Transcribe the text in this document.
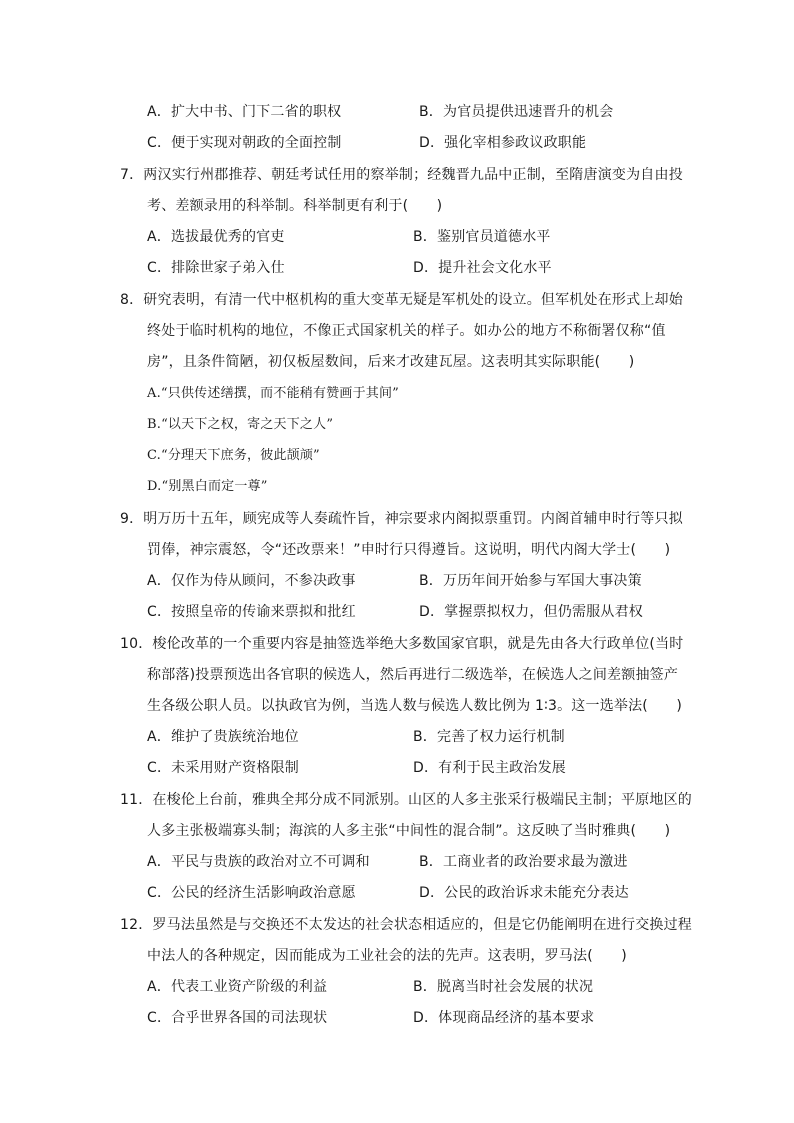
A．扩大中书、门下二省的职权	B．为官员提供迅速晋升的机会
C．便于实现对朝政的全面控制	D．强化宰相参政议政职能
7．两汉实行州郡推荐、朝廷考试任用的察举制；经魏晋九品中正制，至隋唐演变为自由投
考、差额录用的科举制。科举制更有利于(　　)
A．选拔最优秀的官吏	B．鉴别官员道德水平
C．排除世家子弟入仕	D．提升社会文化水平
8．研究表明，有清一代中枢机构的重大变革无疑是军机处的设立。但军机处在形式上却始
终处于临时机构的地位，不像正式国家机关的样子。如办公的地方不称衙署仅称“值
房”，且条件简陋，初仅板屋数间，后来才改建瓦屋。这表明其实际职能(　　)
A.“只供传述缮撰，而不能稍有赞画于其间”
B.“以天下之权，寄之天下之人”
C.“分理天下庶务，彼此颉颃”
D.“别黑白而定一尊”
9．明万历十五年，顾宪成等人奏疏忤旨，神宗要求内阁拟票重罚。内阁首辅申时行等只拟
罚俸，神宗震怒，令“还改票来！”申时行只得遵旨。这说明，明代内阁大学士(　　)
A．仅作为侍从顾问，不参决政事	B．万历年间开始参与军国大事决策
C．按照皇帝的传谕来票拟和批红	D．掌握票拟权力，但仍需服从君权
10．梭伦改革的一个重要内容是抽签选举绝大多数国家官职，就是先由各大行政单位(当时
称部落)投票预选出各官职的候选人，然后再进行二级选举，在候选人之间差额抽签产
生各级公职人员。以执政官为例，当选人数与候选人数比例为 1∶3。这一选举法(　　)
A．维护了贵族统治地位	B．完善了权力运行机制
C．未采用财产资格限制	D．有利于民主政治发展
11．在梭伦上台前，雅典全邦分成不同派别。山区的人多主张采行极端民主制；平原地区的
人多主张极端寡头制；海滨的人多主张“中间性的混合制”。这反映了当时雅典(　　)
A．平民与贵族的政治对立不可调和	B．工商业者的政治要求最为激进
C．公民的经济生活影响政治意愿	D．公民的政治诉求未能充分表达
12．罗马法虽然是与交换还不太发达的社会状态相适应的，但是它仍能阐明在进行交换过程
中法人的各种规定，因而能成为工业社会的法的先声。这表明，罗马法(　　)
A．代表工业资产阶级的利益	B．脱离当时社会发展的状况
C．合乎世界各国的司法现状	D．体现商品经济的基本要求
